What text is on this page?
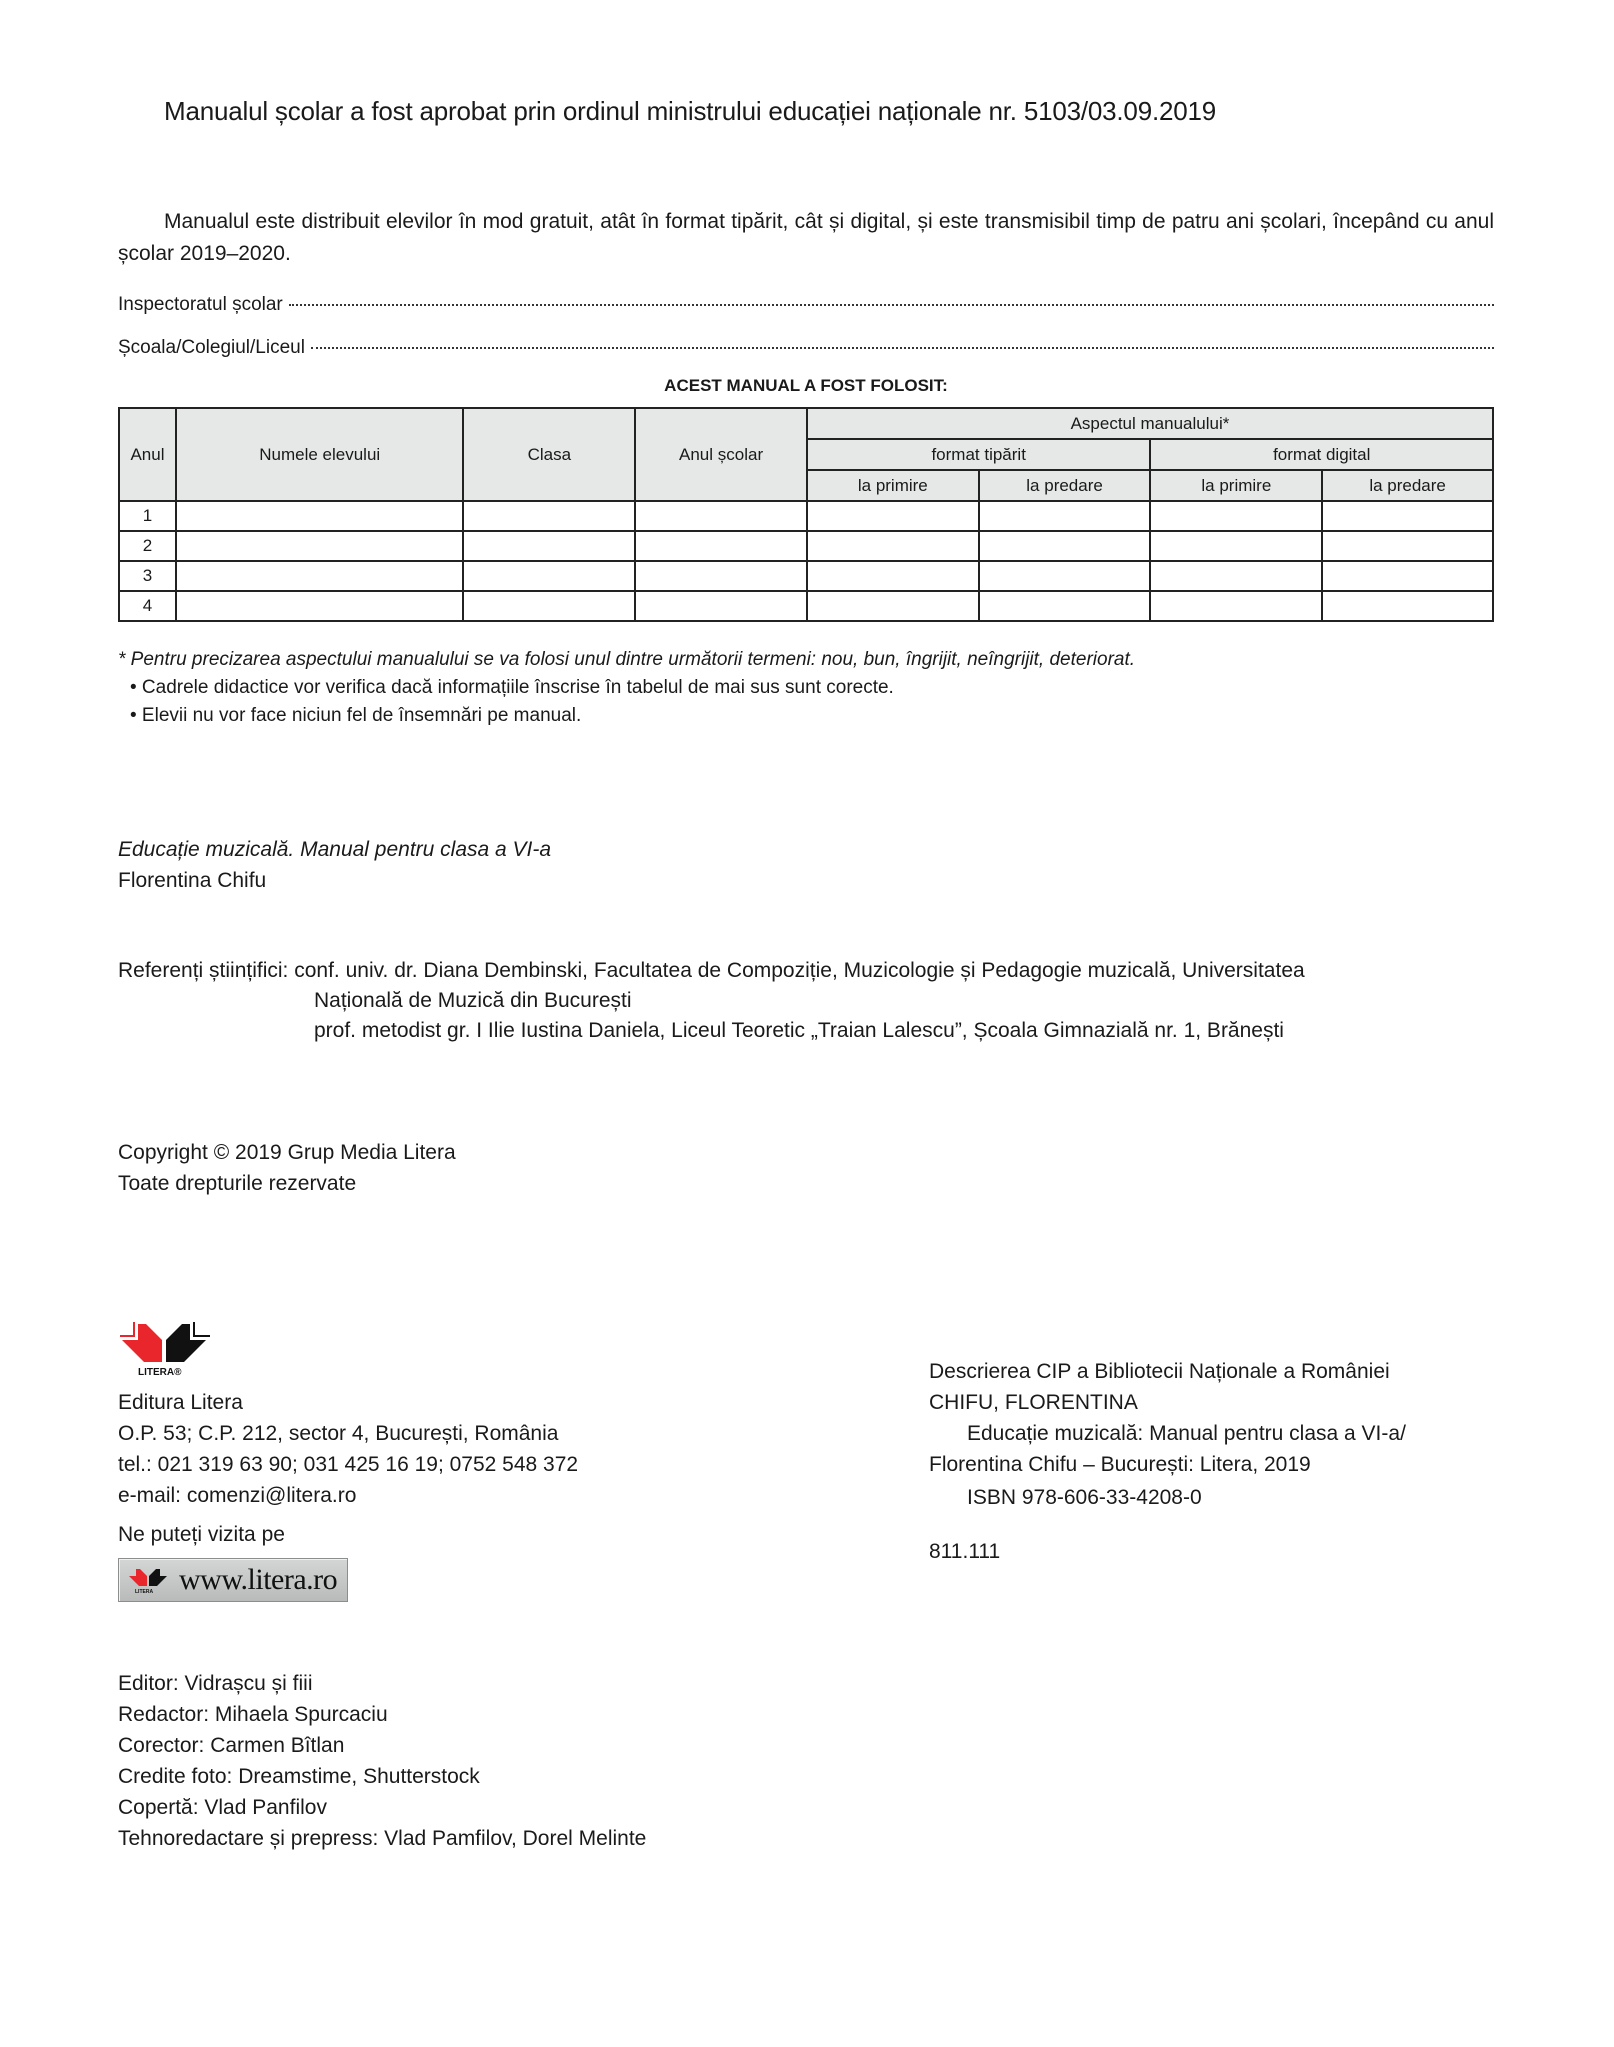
Manualul școlar a fost aprobat prin ordinul ministrului educației naționale nr. 5103/03.09.2019

Manualul este distribuit elevilor în mod gratuit, atât în format tipărit, cât și digital, și este transmisibil timp de patru ani școlari, începând cu anul școlar 2019–2020.

Inspectoratul școlar
Școala/Colegiul/Liceul
ACEST MANUAL A FOST FOLOSIT:
Anul	Numele elevului	Clasa	Anul școlar	Aspectul manualului*			
				format tipărit		format digital	
				la primire	la predare	la primire	la predare
1							
2							
3							
4							
* Pentru precizarea aspectului manualului se va folosi unul dintre următorii termeni: nou, bun, îngrijit, neîngrijit, deteriorat.
• Cadrele didactice vor verifica dacă informațiile înscrise în tabelul de mai sus sunt corecte.
• Elevii nu vor face niciun fel de însemnări pe manual.
Educație muzicală. Manual pentru clasa a VI-a
Florentina Chifu
Referenți științifici:
conf. univ. dr. Diana Dembinski, Facultatea de Compoziție, Muzicologie și Pedagogie muzicală, Universitatea
Națională de Muzică din București
prof. metodist gr. I Ilie Iustina Daniela, Liceul Teoretic „Traian Lalescu”, Școala Gimnazială nr. 1, Brănești
Copyright © 2019 Grup Media Litera
Toate drepturile rezervate
LITERA®
Editura Litera
O.P. 53; C.P. 212, sector 4, București, România
tel.: 021 319 63 90; 031 425 16 19; 0752 548 372
e-mail: comenzi@litera.ro
Ne puteți vizita pe
LITERA www.litera.ro
Descrierea CIP a Bibliotecii Naționale a României
CHIFU, FLORENTINA
Educație muzicală: Manual pentru clasa a VI-a/
Florentina Chifu – București: Litera, 2019
ISBN 978-606-33-4208-0
811.111
Editor: Vidrașcu și fiii
Redactor: Mihaela Spurcaciu
Corector: Carmen Bîtlan
Credite foto: Dreamstime, Shutterstock
Copertă: Vlad Panfilov
Tehnoredactare și prepress: Vlad Pamfilov, Dorel Melinte
